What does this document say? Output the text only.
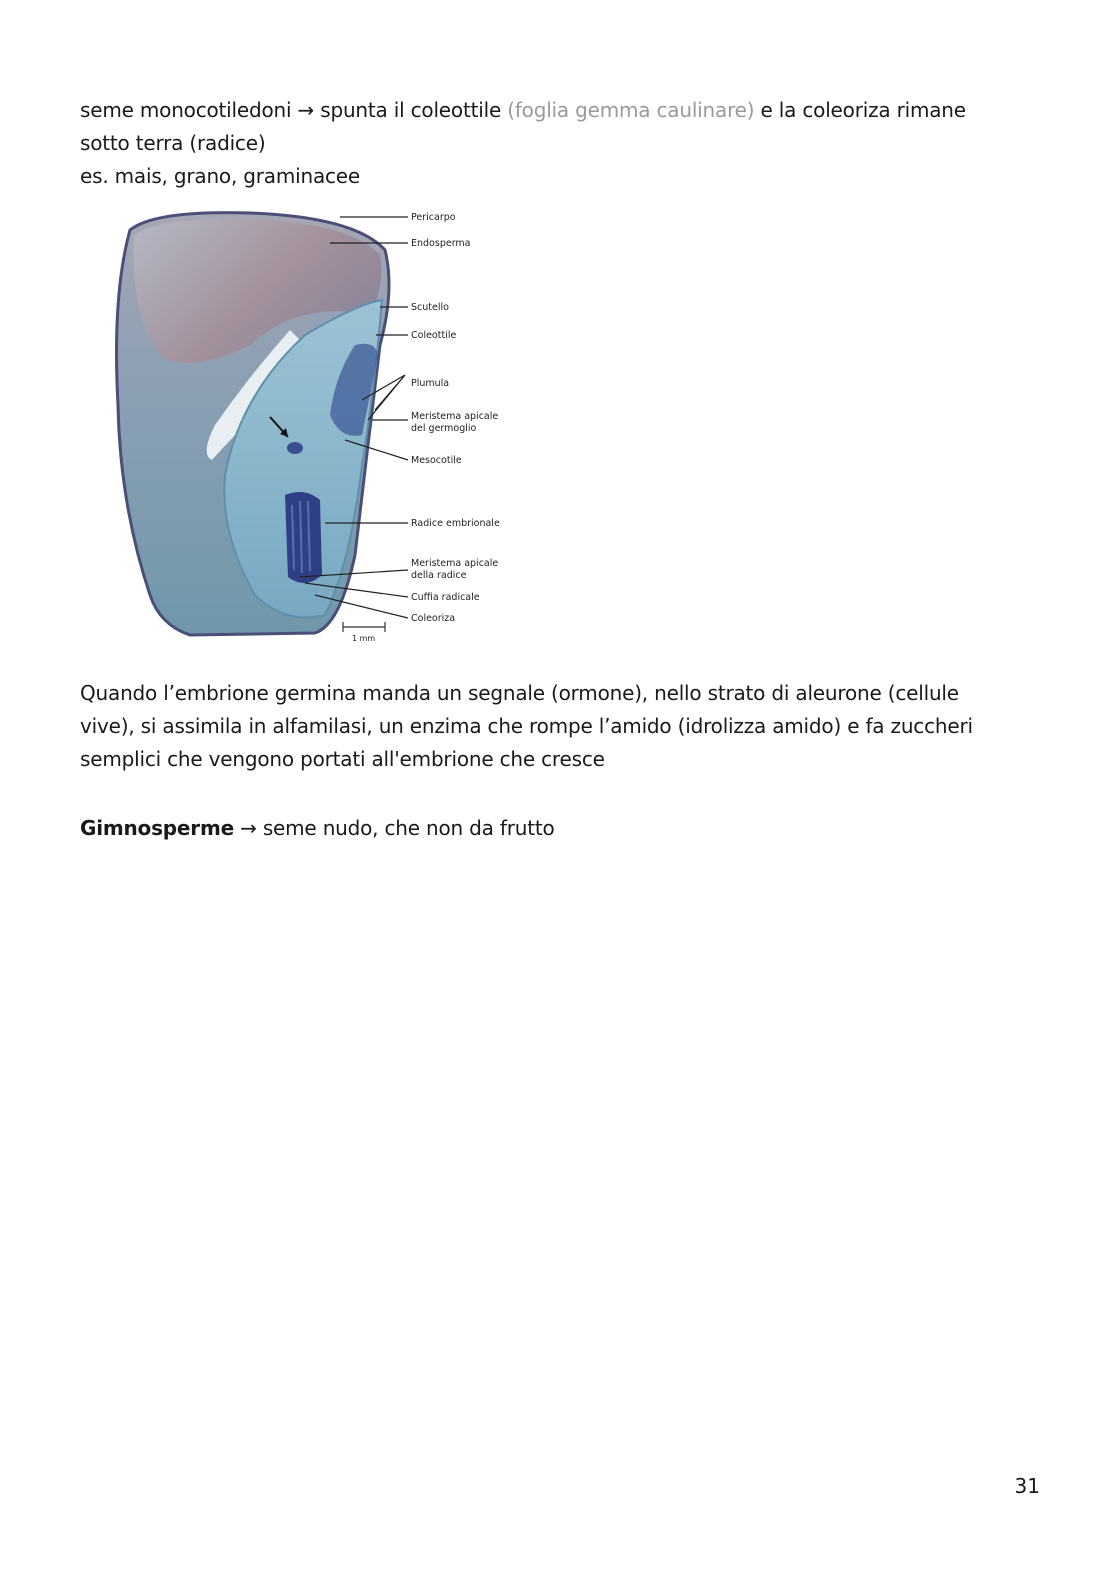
seme monocotiledoni → spunta il coleottile (foglia gemma caulinare) e la coleoriza rimane
sotto terra (radice)
es. mais, grano, graminacee
Pericarpo
Endosperma
Scutello
Coleottile
Plumula
Meristema apicale
del germoglio
Mesocotile
Radice embrionale
Meristema apicale
della radice
Cuffia radicale
Coleoriza
1 mm
Quando l’embrione germina manda un segnale (ormone), nello strato di aleurone (cellule
vive), si assimila in alfamilasi, un enzima che rompe l’amido (idrolizza amido) e fa zuccheri
semplici che vengono portati all'embrione che cresce
Gimnosperme → seme nudo, che non da frutto
31
